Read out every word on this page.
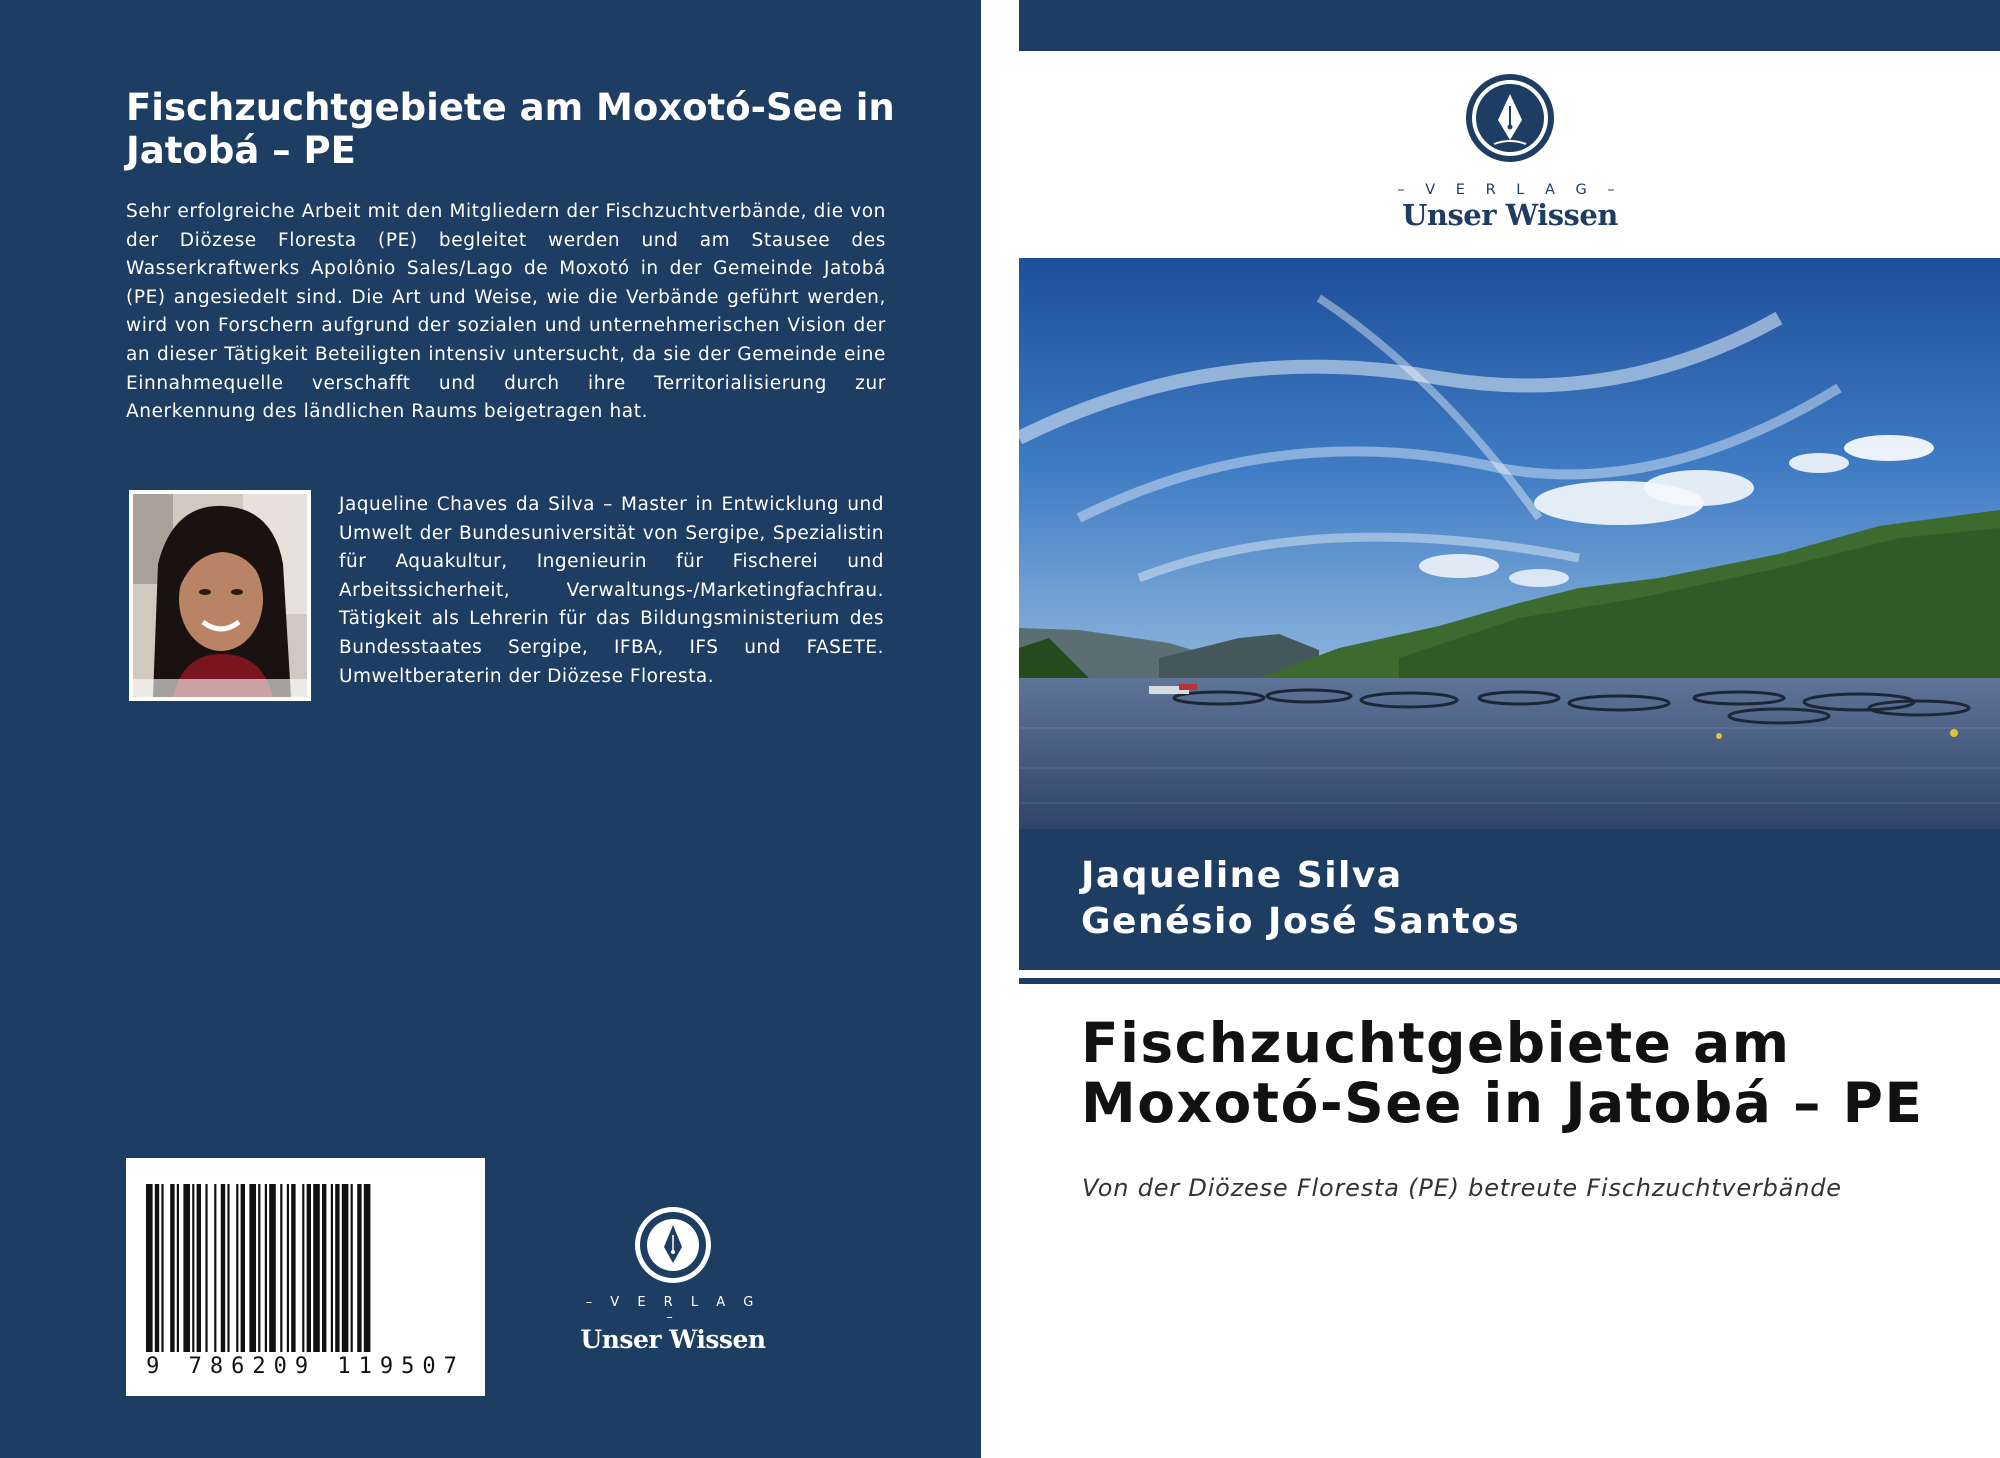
Fischzuchtgebiete am Moxotó-See in Jatobá – PE
Sehr erfolgreiche Arbeit mit den Mitgliedern der Fischzuchtverbände, die von der Diözese Floresta (PE) begleitet werden und am Stausee des Wasserkraftwerks Apolônio Sales/Lago de Moxotó in der Gemeinde Jatobá (PE) angesiedelt sind. Die Art und Weise, wie die Verbände geführt werden, wird von Forschern aufgrund der sozialen und unternehmerischen Vision der an dieser Tätigkeit Beteiligten intensiv untersucht, da sie der Gemeinde eine Einnahmequelle verschafft und durch ihre Territorialisierung zur Anerkennung des ländlichen Raums beigetragen hat.
Jaqueline Chaves da Silva – Master in Entwicklung und Umwelt der Bundesuniversität von Sergipe, Spezialistin für Aquakultur, Ingenieurin für Fischerei und Arbeitssicherheit, Verwaltungs-/Marketingfachfrau. Tätigkeit als Lehrerin für das Bildungsministerium des Bundesstaates Sergipe, IFBA, IFS und FASETE. Umweltberaterin der Diözese Floresta.
9 786209 119507
– V E R L A G –
Unser Wissen
– V E R L A G –
Unser Wissen
Jaqueline Silva
Genésio José Santos
Fischzuchtgebiete am
Moxotó-See in Jatobá – PE
Von der Diözese Floresta (PE) betreute Fischzuchtverbände
